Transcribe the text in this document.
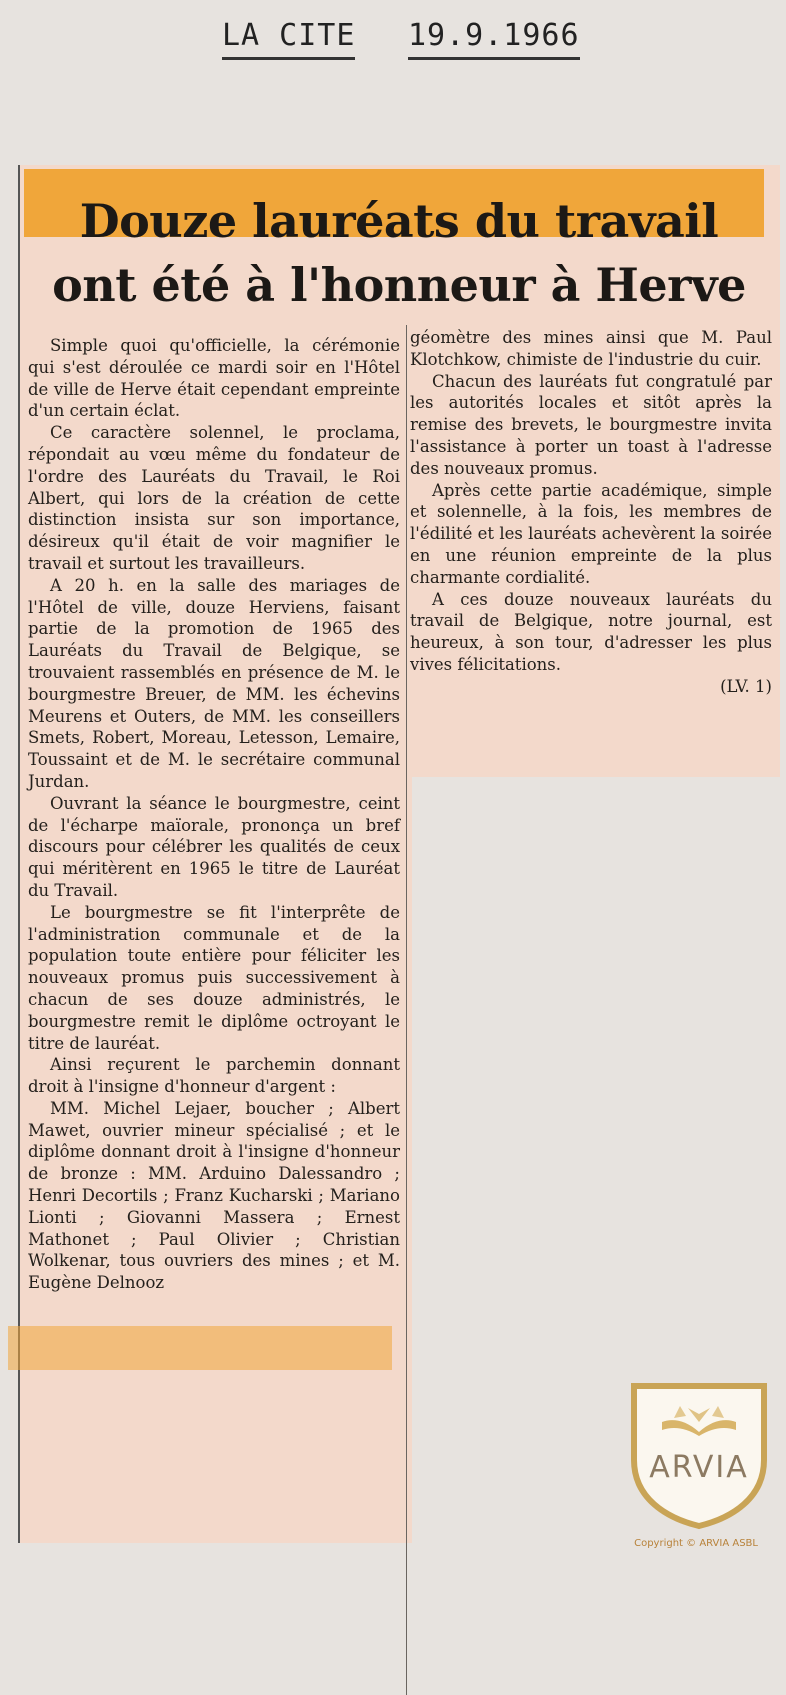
LA CITE 19.9.1966
Douze lauréats du travail
ont été à l'honneur à Herve

Simple quoi qu'officielle, la cérémonie qui s'est déroulée ce mardi soir en l'Hôtel de ville de Herve était cependant empreinte d'un certain éclat.

Ce caractère solennel, le proclama, répondait au vœu même du fondateur de l'ordre des Lauréats du Travail, le Roi Albert, qui lors de la création de cette distinction insista sur son importance, désireux qu'il était de voir magnifier le travail et surtout les travailleurs.

A 20 h. en la salle des mariages de l'Hôtel de ville, douze Herviens, faisant partie de la promotion de 1965 des Lauréats du Travail de Belgique, se trouvaient rassemblés en présence de M. le bourgmestre Breuer, de MM. les échevins Meurens et Outers, de MM. les conseillers Smets, Robert, Moreau, Letesson, Lemaire, Toussaint et de M. le secrétaire communal Jurdan.

Ouvrant la séance le bourgmestre, ceint de l'écharpe maïorale, prononça un bref discours pour célébrer les qualités de ceux qui méritèrent en 1965 le titre de Lauréat du Travail.

Le bourgmestre se fit l'interprête de l'administration communale et de la population toute entière pour féliciter les nouveaux promus puis successivement à chacun de ses douze administrés, le bourgmestre remit le diplôme octroyant le titre de lauréat.

Ainsi reçurent le parchemin donnant droit à l'insigne d'honneur d'argent :

MM. Michel Lejaer, boucher ; Albert Mawet, ouvrier mineur spécialisé ; et le diplôme donnant droit à l'insigne d'honneur de bronze : MM. Arduino Dalessandro ; Henri Decortils ; Franz Kucharski ; Mariano Lionti ; Giovanni Massera ; Ernest Mathonet ; Paul Olivier ; Christian Wolkenar, tous ouvriers des mines ; et M. Eugène Delnooz

géomètre des mines ainsi que M. Paul Klotchkow, chimiste de l'industrie du cuir.

Chacun des lauréats fut congratulé par les autorités locales et sitôt après la remise des brevets, le bourgmestre invita l'assistance à porter un toast à l'adresse des nouveaux promus.

Après cette partie académique, simple et solennelle, à la fois, les membres de l'édilité et les lauréats achevèrent la soirée en une réunion empreinte de la plus charmante cordialité.

A ces douze nouveaux lauréats du travail de Belgique, notre journal, est heureux, à son tour, d'adresser les plus vives félicitations.

(LV. 1)
ARVIA
Copyright © ARVIA ASBL
